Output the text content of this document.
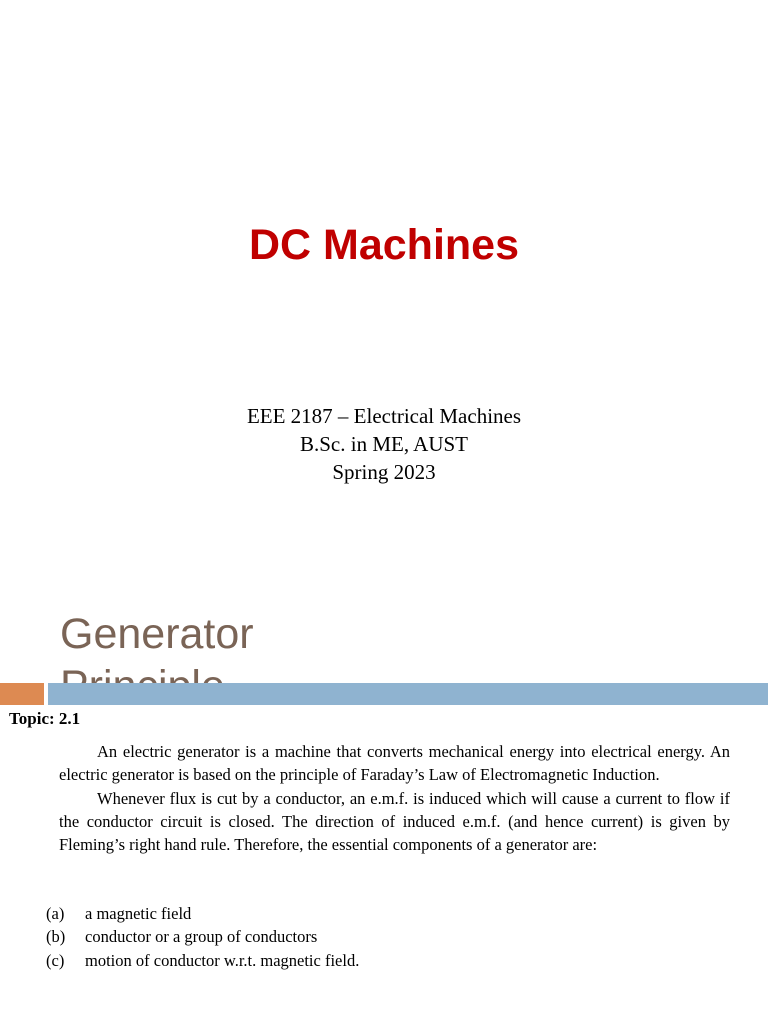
DC Machines
EEE 2187 – Electrical Machines
B.Sc. in ME, AUST
Spring 2023
Generator
Topic: 2.1

An electric generator is a machine that converts mechanical energy into electrical energy. An electric generator is based on the principle of Faraday’s Law of Electromagnetic Induction.

Whenever flux is cut by a conductor, an e.m.f. is induced which will cause a current to flow if the conductor circuit is closed. The direction of induced e.m.f. (and hence current) is given by Fleming’s right hand rule. Therefore, the essential components of a generator are:

(a)	a magnetic field
(b)	conductor or a group of conductors
(c)	motion of conductor w.r.t. magnetic field.
